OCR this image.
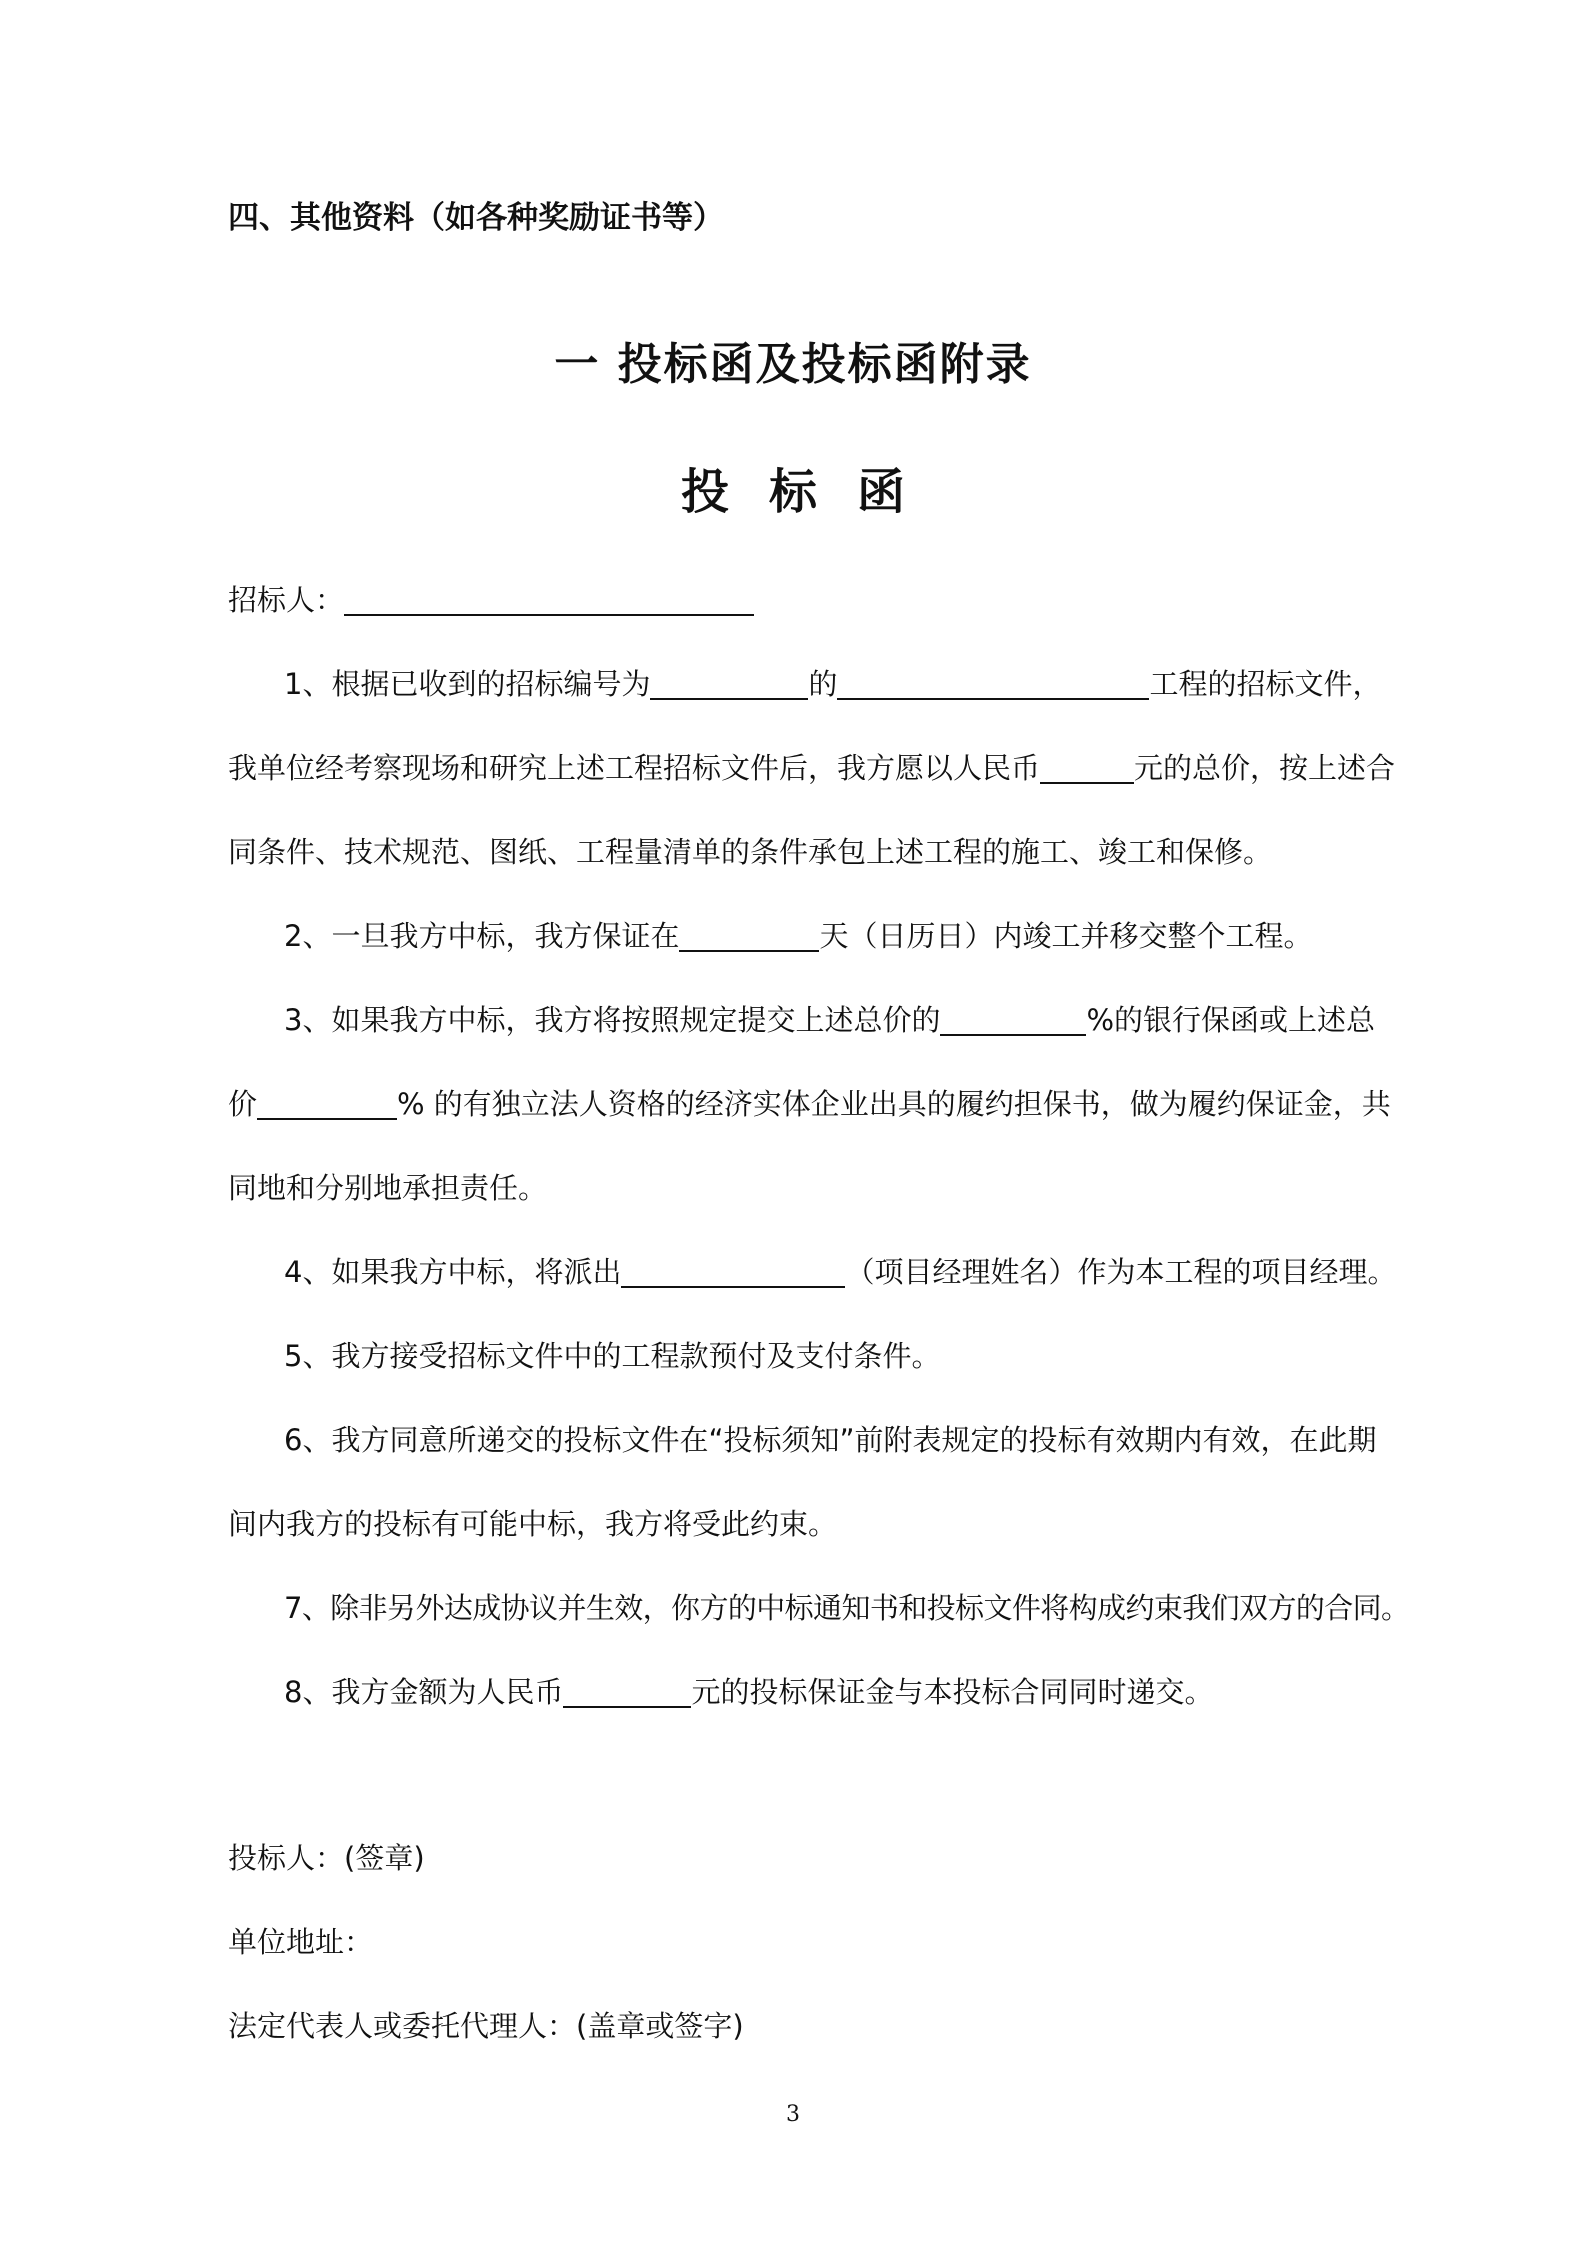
四、其他资料（如各种奖励证书等）
一 投标函及投标函附录
投标函
招标人：
1、根据已收到的招标编号为	的	工程的招标文件，
我单位经考察现场和研究上述工程招标文件后，我方愿以人民币	元的总价，按上述合
同条件、技术规范、图纸、工程量清单的条件承包上述工程的施工、竣工和保修。
2、一旦我方中标，我方保证在	天（日历日）内竣工并移交整个工程。
3、如果我方中标，我方将按照规定提交上述总价的	%的银行保函或上述总
价	% 的有独立法人资格的经济实体企业出具的履约担保书，做为履约保证金，共
同地和分别地承担责任。
4、如果我方中标，将派出	（项目经理姓名）作为本工程的项目经理。
5、我方接受招标文件中的工程款预付及支付条件。
6、我方同意所递交的投标文件在“投标须知”前附表规定的投标有效期内有效，在此期
间内我方的投标有可能中标，我方将受此约束。
7、除非另外达成协议并生效，你方的中标通知书和投标文件将构成约束我们双方的合同。
8、我方金额为人民币	元的投标保证金与本投标合同同时递交。
投标人：(签章)
单位地址：
法定代表人或委托代理人：(盖章或签字)
3
